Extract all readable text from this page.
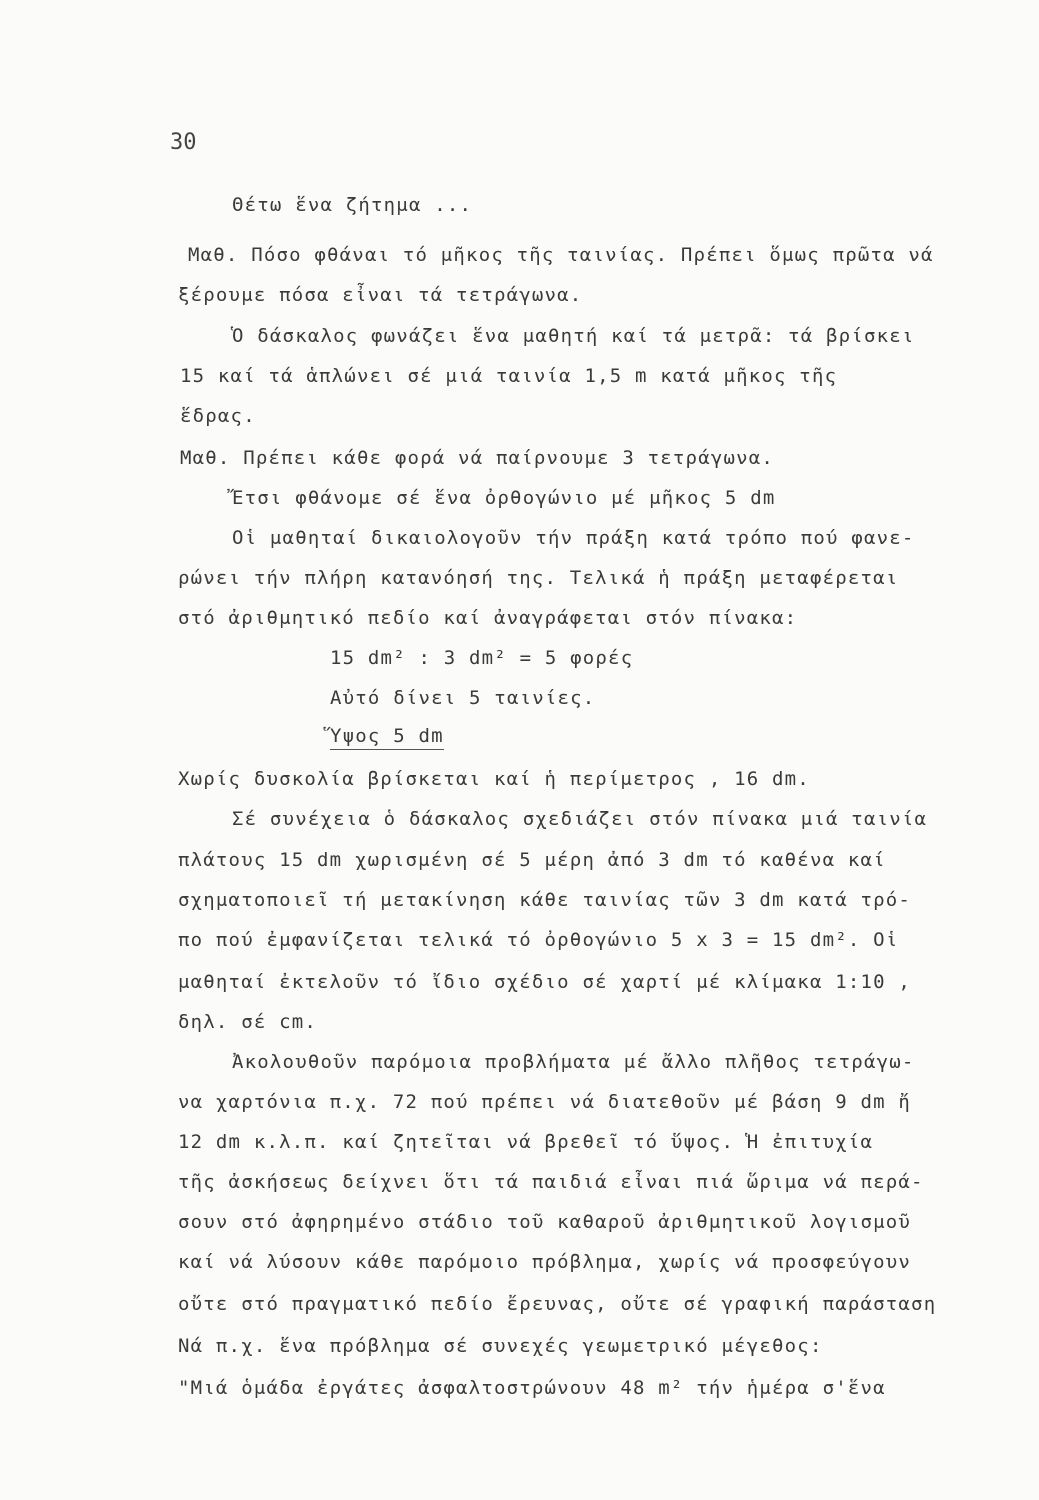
30
Θέτω ἕνα ζήτημα ...
Μαθ. Πόσο φθάναι τό μῆκος τῆς ταινίας. Πρέπει ὅμως πρῶτα νά
ξέρουμε πόσα εἶναι τά τετράγωνα.
Ὁ δάσκαλος φωνάζει ἕνα μαθητή καί τά μετρᾶ: τά βρίσκει
15 καί τά ἁπλώνει σέ μιά ταινία 1,5 m κατά μῆκος τῆς
ἕδρας.
Μαθ. Πρέπει κάθε φορά νά παίρνουμε 3 τετράγωνα.
Ἔτσι φθάνομε σέ ἕνα ὀρθογώνιο μέ μῆκος 5 dm
Οἱ μαθηταί δικαιολογοῦν τήν πράξη κατά τρόπο πού φανε-
ρώνει τήν πλήρη κατανόησή της. Τελικά ἡ πράξη μεταφέρεται
στό ἀριθμητικό πεδίο καί ἀναγράφεται στόν πίνακα:
15 dm² : 3 dm² = 5 φορές
Αὐτό δίνει 5 ταινίες.
Ὕψος 5 dm
Χωρίς δυσκολία βρίσκεται καί ἡ περίμετρος , 16 dm.
Σέ συνέχεια ὁ δάσκαλος σχεδιάζει στόν πίνακα μιά ταινία
πλάτους 15 dm χωρισμένη σέ 5 μέρη ἀπό 3 dm τό καθένα καί
σχηματοποιεῖ τή μετακίνηση κάθε ταινίας τῶν 3 dm κατά τρό-
πο πού ἐμφανίζεται τελικά τό ὀρθογώνιο 5 x 3 = 15 dm². Οἱ
μαθηταί ἐκτελοῦν τό ἴδιο σχέδιο σέ χαρτί μέ κλίμακα 1:10 ,
δηλ. σέ cm.
Ἀκολουθοῦν παρόμοια προβλήματα μέ ἄλλο πλῆθος τετράγω-
να χαρτόνια π.χ. 72 πού πρέπει νά διατεθοῦν μέ βάση 9 dm ἤ
12 dm κ.λ.π. καί ζητεῖται νά βρεθεῖ τό ὕψος. Ἡ ἐπιτυχία
τῆς ἀσκήσεως δείχνει ὅτι τά παιδιά εἶναι πιά ὥριμα νά περά-
σουν στό ἀφηρημένο στάδιο τοῦ καθαροῦ ἀριθμητικοῦ λογισμοῦ
καί νά λύσουν κάθε παρόμοιο πρόβλημα, χωρίς νά προσφεύγουν
οὔτε στό πραγματικό πεδίο ἔρευνας, οὔτε σέ γραφική παράσταση
Νά π.χ. ἕνα πρόβλημα σέ συνεχές γεωμετρικό μέγεθος:
"Μιά ὁμάδα ἐργάτες ἀσφαλτοστρώνουν 48 m² τήν ἡμέρα σ'ἕνα
